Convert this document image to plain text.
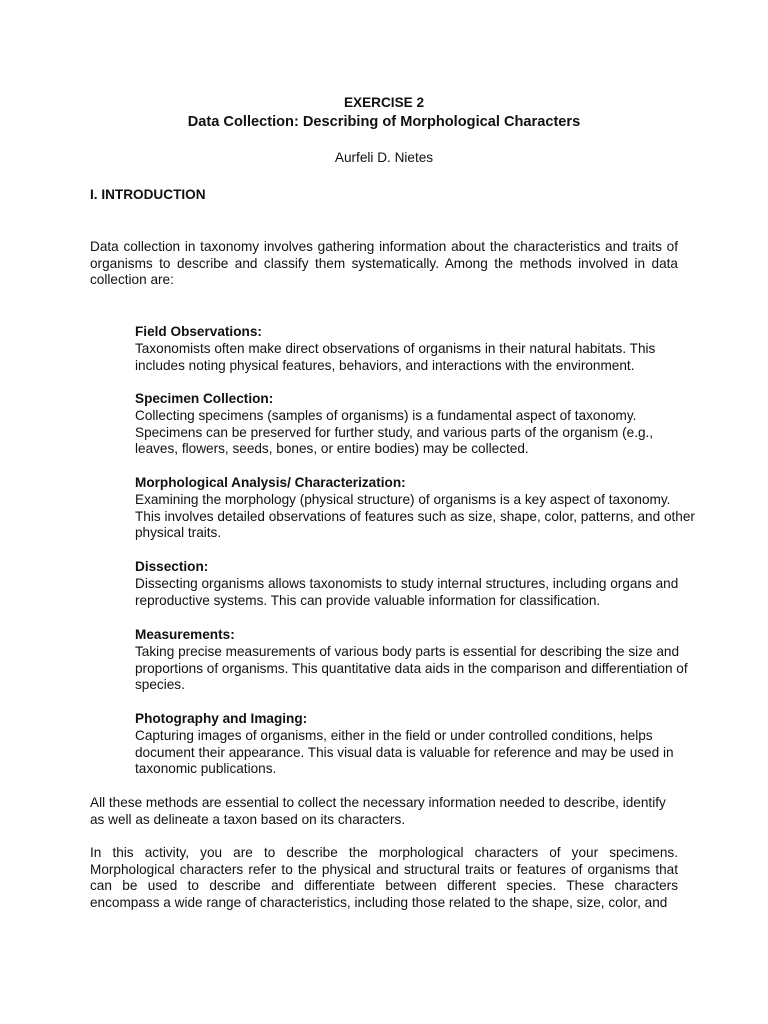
EXERCISE 2
Data Collection: Describing of Morphological Characters
Aurfeli D. Nietes
I. INTRODUCTION
Data collection in taxonomy involves gathering information about the characteristics and traits of organisms to describe and classify them systematically. Among the methods involved in data collection are:
Field Observations:
Taxonomists often make direct observations of organisms in their natural habitats. This includes noting physical features, behaviors, and interactions with the environment.
Specimen Collection:
Collecting specimens (samples of organisms) is a fundamental aspect of taxonomy. Specimens can be preserved for further study, and various parts of the organism (e.g., leaves, flowers, seeds, bones, or entire bodies) may be collected.
Morphological Analysis/ Characterization:
Examining the morphology (physical structure) of organisms is a key aspect of taxonomy. This involves detailed observations of features such as size, shape, color, patterns, and other physical traits.
Dissection:
Dissecting organisms allows taxonomists to study internal structures, including organs and reproductive systems. This can provide valuable information for classification.
Measurements:
Taking precise measurements of various body parts is essential for describing the size and proportions of organisms. This quantitative data aids in the comparison and differentiation of species.
Photography and Imaging:
Capturing images of organisms, either in the field or under controlled conditions, helps document their appearance. This visual data is valuable for reference and may be used in taxonomic publications.
All these methods are essential to collect the necessary information needed to describe, identify as well as delineate a taxon based on its characters.
In this activity, you are to describe the morphological characters of your specimens. Morphological characters refer to the physical and structural traits or features of organisms that can be used to describe and differentiate between different species. These characters encompass a wide range of characteristics, including those related to the shape, size, color, and
